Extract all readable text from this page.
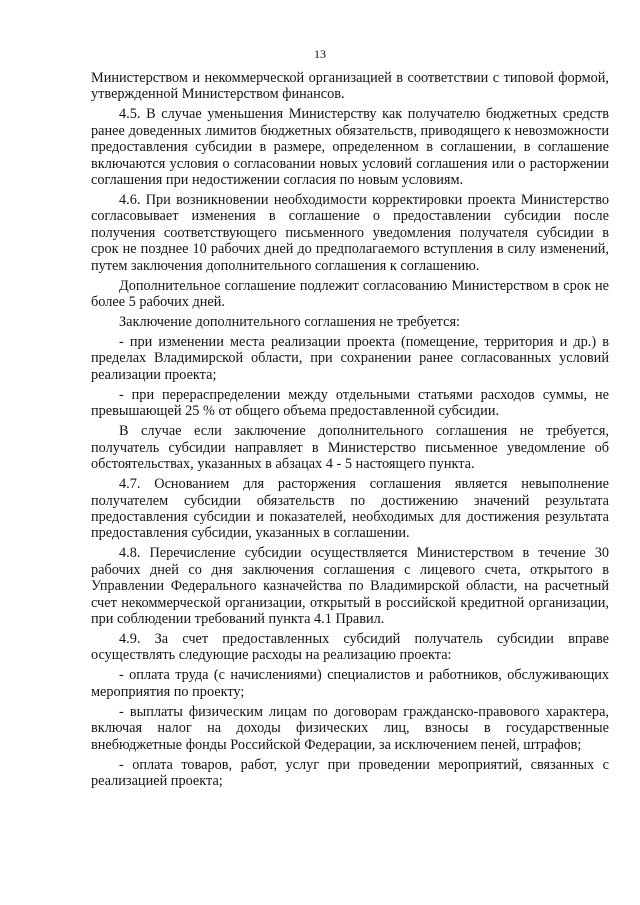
13

Министерством и некоммерческой организацией в соответствии с типовой формой, утвержденной Министерством финансов.

4.5. В случае уменьшения Министерству как получателю бюджетных средств ранее доведенных лимитов бюджетных обязательств, приводящего к невозможности предоставления субсидии в размере, определенном в соглашении, в соглашение включаются условия о согласовании новых условий соглашения или о расторжении соглашения при недостижении согласия по новым условиям.

4.6. При возникновении необходимости корректировки проекта Министерство согласовывает изменения в соглашение о предоставлении субсидии после получения соответствующего письменного уведомления получателя субсидии в срок не позднее 10 рабочих дней до предполагаемого вступления в силу изменений, путем заключения дополнительного соглашения к соглашению.

Дополнительное соглашение подлежит согласованию Министерством в срок не более 5 рабочих дней.

Заключение дополнительного соглашения не требуется:

- при изменении места реализации проекта (помещение, территория и др.) в пределах Владимирской области, при сохранении ранее согласованных условий реализации проекта;

- при перераспределении между отдельными статьями расходов суммы, не превышающей 25 % от общего объема предоставленной субсидии.

В случае если заключение дополнительного соглашения не требуется, получатель субсидии направляет в Министерство письменное уведомление об обстоятельствах, указанных в абзацах 4 - 5 настоящего пункта.

4.7. Основанием для расторжения соглашения является невыполнение получателем субсидии обязательств по достижению значений результата предоставления субсидии и показателей, необходимых для достижения результата предоставления субсидии, указанных в соглашении.

4.8. Перечисление субсидии осуществляется Министерством в течение 30 рабочих дней со дня заключения соглашения с лицевого счета, открытого в Управлении Федерального казначейства по Владимирской области, на расчетный счет некоммерческой организации, открытый в российской кредитной организации, при соблюдении требований пункта 4.1 Правил.

4.9. За счет предоставленных субсидий получатель субсидии вправе осуществлять следующие расходы на реализацию проекта:

- оплата труда (с начислениями) специалистов и работников, обслуживающих мероприятия по проекту;

- выплаты физическим лицам по договорам гражданско-правового характера, включая налог на доходы физических лиц, взносы в государственные внебюджетные фонды Российской Федерации, за исключением пеней, штрафов;

- оплата товаров, работ, услуг при проведении мероприятий, связанных с реализацией проекта;
